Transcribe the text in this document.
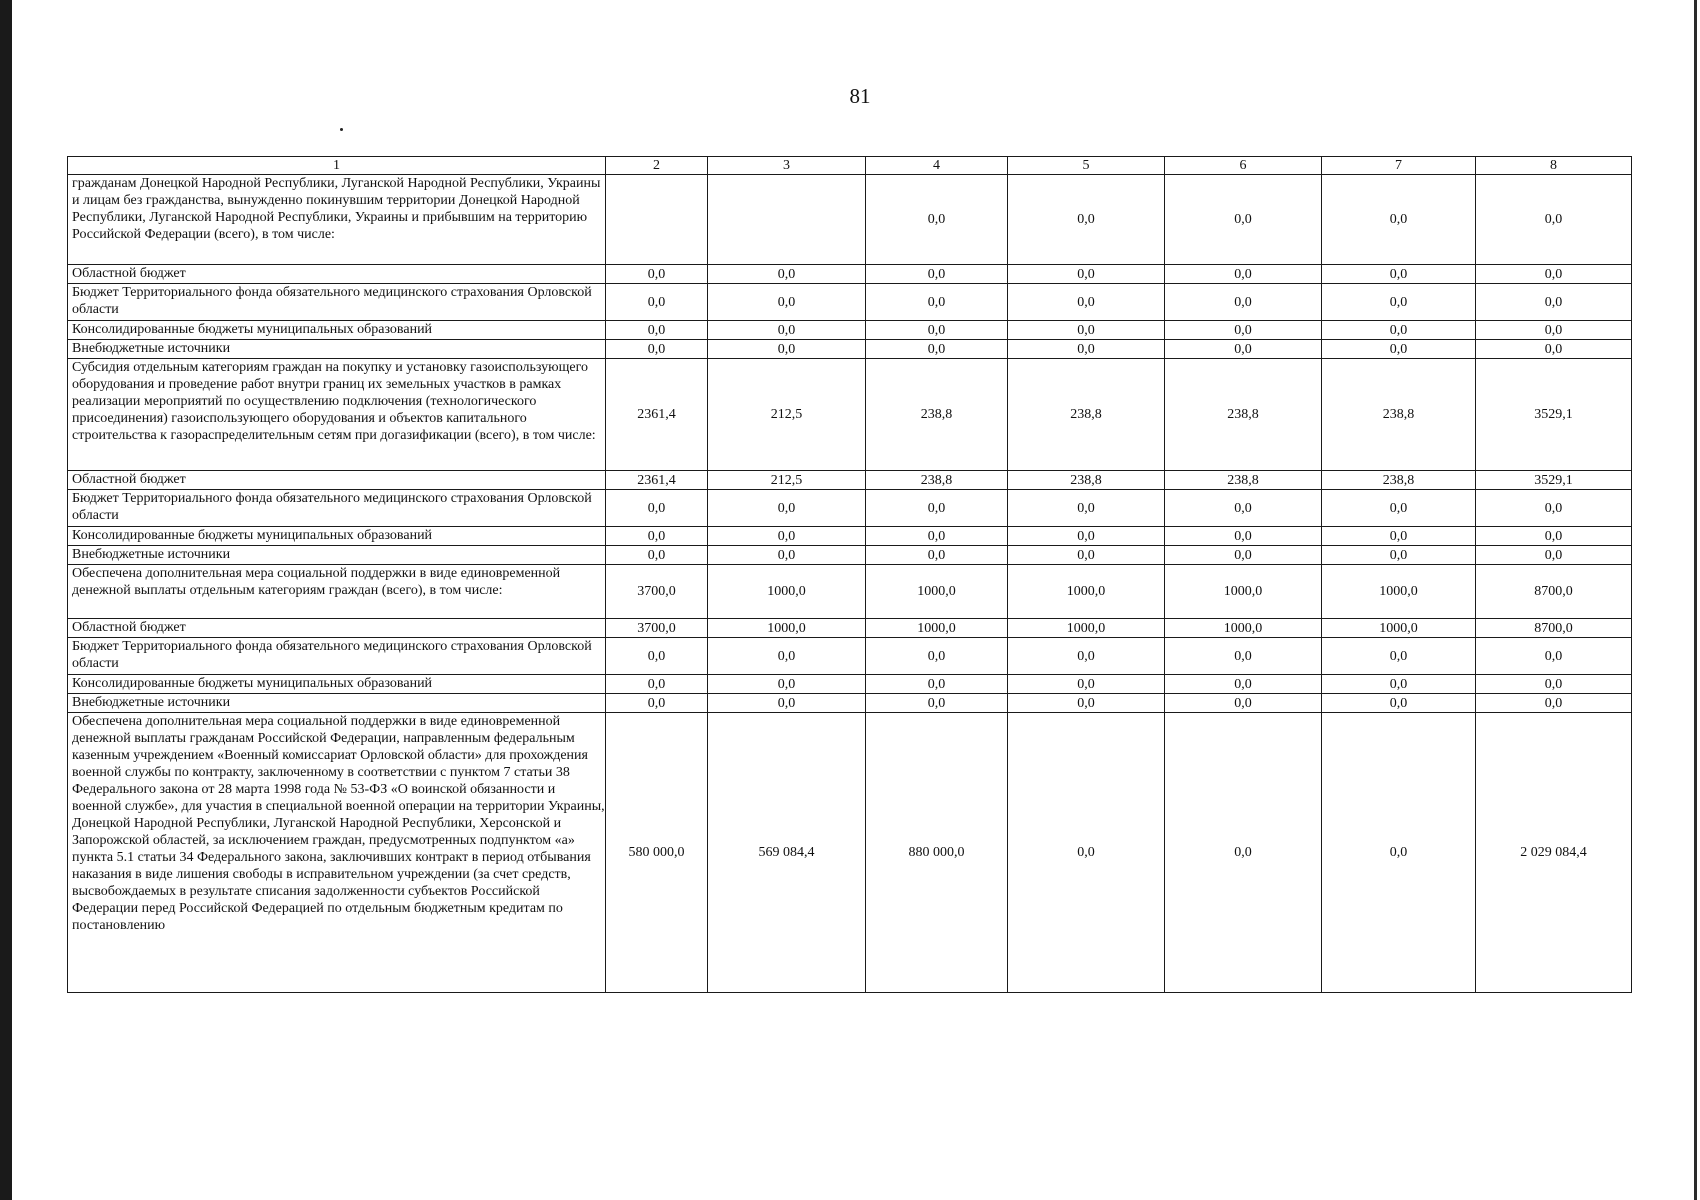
81
1	2	3	4	5	6	7	8
гражданам Донецкой Народной Республики, Луганской Народной Республики, Украины и лицам без гражданства, вынужденно покинувшим территории Донецкой Народной Республики, Луганской Народной Республики, Украины и прибывшим на территорию Российской Федерации (всего), в том числе:			0,0	0,0	0,0	0,0	0,0
Областной бюджет	0,0	0,0	0,0	0,0	0,0	0,0	0,0
Бюджет Территориального фонда обязательного медицинского страхования Орловской области	0,0	0,0	0,0	0,0	0,0	0,0	0,0
Консолидированные бюджеты муниципальных образований	0,0	0,0	0,0	0,0	0,0	0,0	0,0
Внебюджетные источники	0,0	0,0	0,0	0,0	0,0	0,0	0,0
Субсидия отдельным категориям граждан на покупку и установку газоиспользующего оборудования и проведение работ внутри границ их земельных участков в рамках реализации мероприятий по осуществлению подключения (технологического присоединения) газоиспользующего оборудования и объектов капитального строительства к газораспределительным сетям при догазификации (всего), в том числе:	2361,4	212,5	238,8	238,8	238,8	238,8	3529,1
Областной бюджет	2361,4	212,5	238,8	238,8	238,8	238,8	3529,1
Бюджет Территориального фонда обязательного медицинского страхования Орловской области	0,0	0,0	0,0	0,0	0,0	0,0	0,0
Консолидированные бюджеты муниципальных образований	0,0	0,0	0,0	0,0	0,0	0,0	0,0
Внебюджетные источники	0,0	0,0	0,0	0,0	0,0	0,0	0,0
Обеспечена дополнительная мера социальной поддержки в виде единовременной денежной выплаты отдельным категориям граждан (всего), в том числе:	3700,0	1000,0	1000,0	1000,0	1000,0	1000,0	8700,0
Областной бюджет	3700,0	1000,0	1000,0	1000,0	1000,0	1000,0	8700,0
Бюджет Территориального фонда обязательного медицинского страхования Орловской области	0,0	0,0	0,0	0,0	0,0	0,0	0,0
Консолидированные бюджеты муниципальных образований	0,0	0,0	0,0	0,0	0,0	0,0	0,0
Внебюджетные источники	0,0	0,0	0,0	0,0	0,0	0,0	0,0
Обеспечена дополнительная мера социальной поддержки в виде единовременной денежной выплаты гражданам Российской Федерации, направленным федеральным казенным учреждением «Военный комиссариат Орловской области» для прохождения военной службы по контракту, заключенному в соответствии с пунктом 7 статьи 38 Федерального закона от 28 марта 1998 года № 53-ФЗ «О воинской обязанности и военной службе», для участия в специальной военной операции на территории Украины, Донецкой Народной Республики, Луганской Народной Республики, Херсонской и Запорожской областей, за исключением граждан, предусмотренных подпунктом «а» пункта 5.1 статьи 34 Федерального закона, заключивших контракт в период отбывания наказания в виде лишения свободы в исправительном учреждении (за счет средств, высвобождаемых в результате списания задолженности субъектов Российской Федерации перед Российской Федерацией по отдельным бюджетным кредитам по постановлению	580 000,0	569 084,4	880 000,0	0,0	0,0	0,0	2 029 084,4
